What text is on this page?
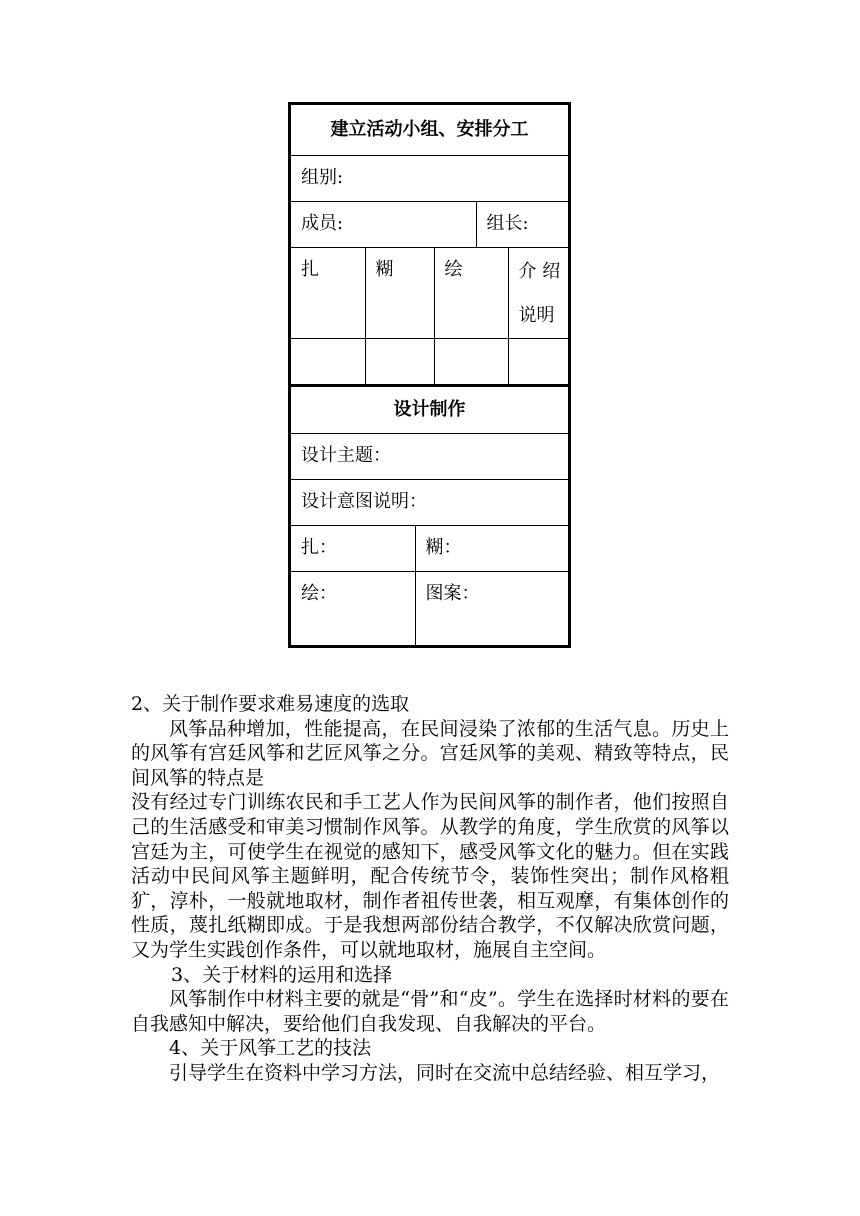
建立活动小组、安排分工				
组别:				
成员:			组长:	
扎	糊	绘		介 绍
说明

设计制作	
设计主题：	
设计意图说明：	
扎：	糊：
绘：	图案：

2、关于制作要求难易速度的选取

风筝品种增加，性能提高，在民间浸染了浓郁的生活气息。历史上的风筝有宫廷风筝和艺匠风筝之分。宫廷风筝的美观、精致等特点，民间风筝的特点是

没有经过专门训练农民和手工艺人作为民间风筝的制作者，他们按照自己的生活感受和审美习惯制作风筝。从教学的角度，学生欣赏的风筝以宫廷为主，可使学生在视觉的感知下，感受风筝文化的魅力。但在实践活动中民间风筝主题鲜明，配合传统节令，装饰性突出；制作风格粗犷，淳朴，一般就地取材，制作者祖传世袭，相互观摩，有集体创作的性质，蔑扎纸糊即成。于是我想两部份结合教学，不仅解决欣赏问题，又为学生实践创作条件，可以就地取材，施展自主空间。

3、关于材料的运用和选择

风筝制作中材料主要的就是“骨”和“皮”。学生在选择时材料的要在自我感知中解决，要给他们自我发现、自我解决的平台。

4、关于风筝工艺的技法

引导学生在资料中学习方法，同时在交流中总结经验、相互学习，
